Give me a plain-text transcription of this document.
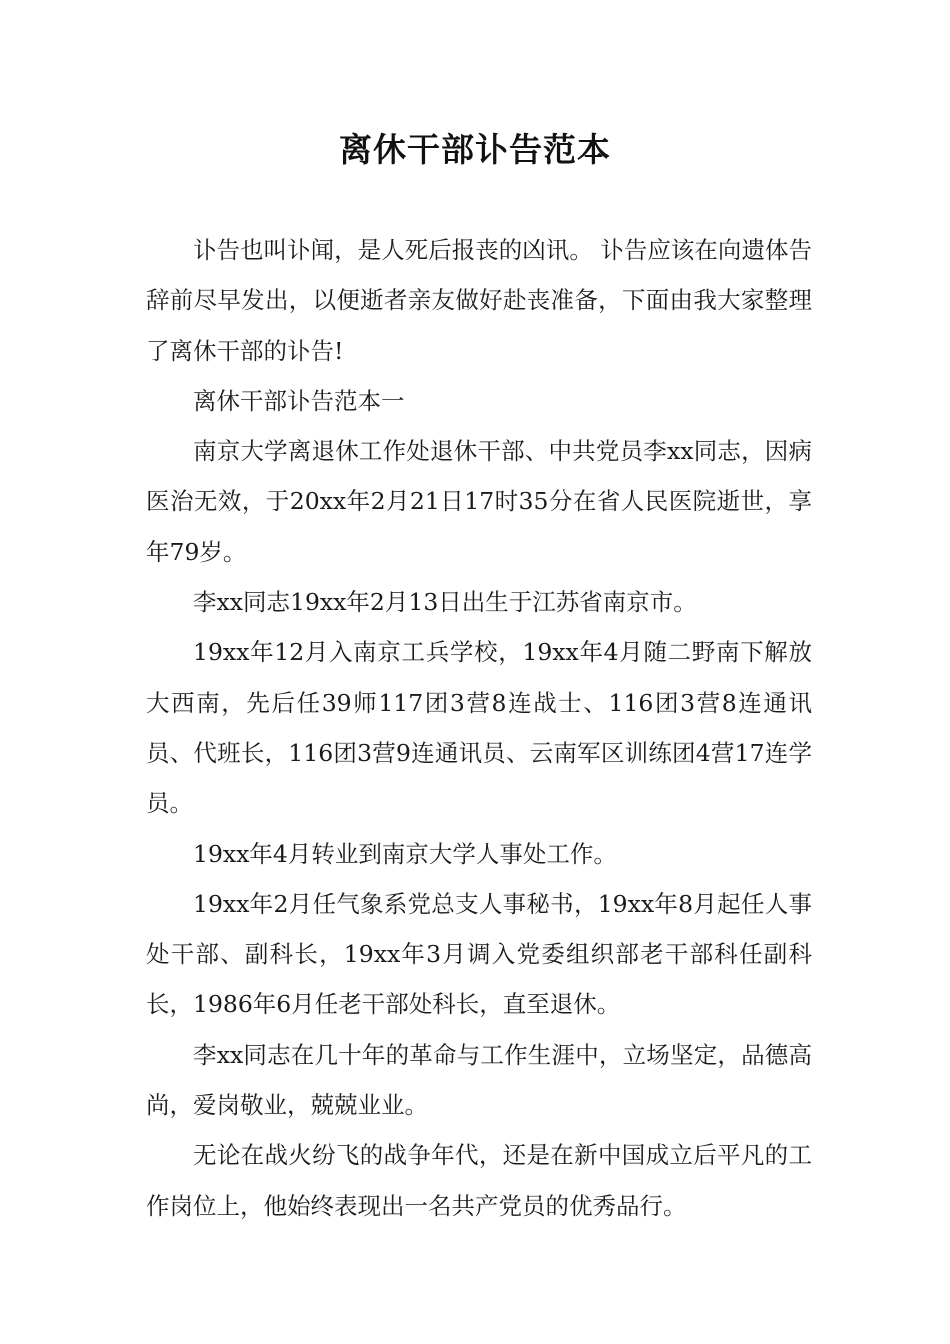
离休干部讣告范本

讣告也叫讣闻，是人死后报丧的凶讯。 讣告应该在向遗体告辞前尽早发出，以便逝者亲友做好赴丧准备，下面由我大家整理了离休干部的讣告!

离休干部讣告范本一

南京大学离退休工作处退休干部、中共党员李xx同志，因病医治无效，于20xx年2月21日17时35分在省人民医院逝世，享年79岁。

李xx同志19xx年2月13日出生于江苏省南京市。

19xx年12月入南京工兵学校，19xx年4月随二野南下解放大西南，先后任39师117团3营8连战士、116团3营8连通讯员、代班长，116团3营9连通讯员、云南军区训练团4营17连学员。

19xx年4月转业到南京大学人事处工作。

19xx年2月任气象系党总支人事秘书，19xx年8月起任人事处干部、副科长，19xx年3月调入党委组织部老干部科任副科长，1986年6月任老干部处科长，直至退休。

李xx同志在几十年的革命与工作生涯中，立场坚定，品德高尚，爱岗敬业，兢兢业业。

无论在战火纷飞的战争年代，还是在新中国成立后平凡的工作岗位上，他始终表现出一名共产党员的优秀品行。
